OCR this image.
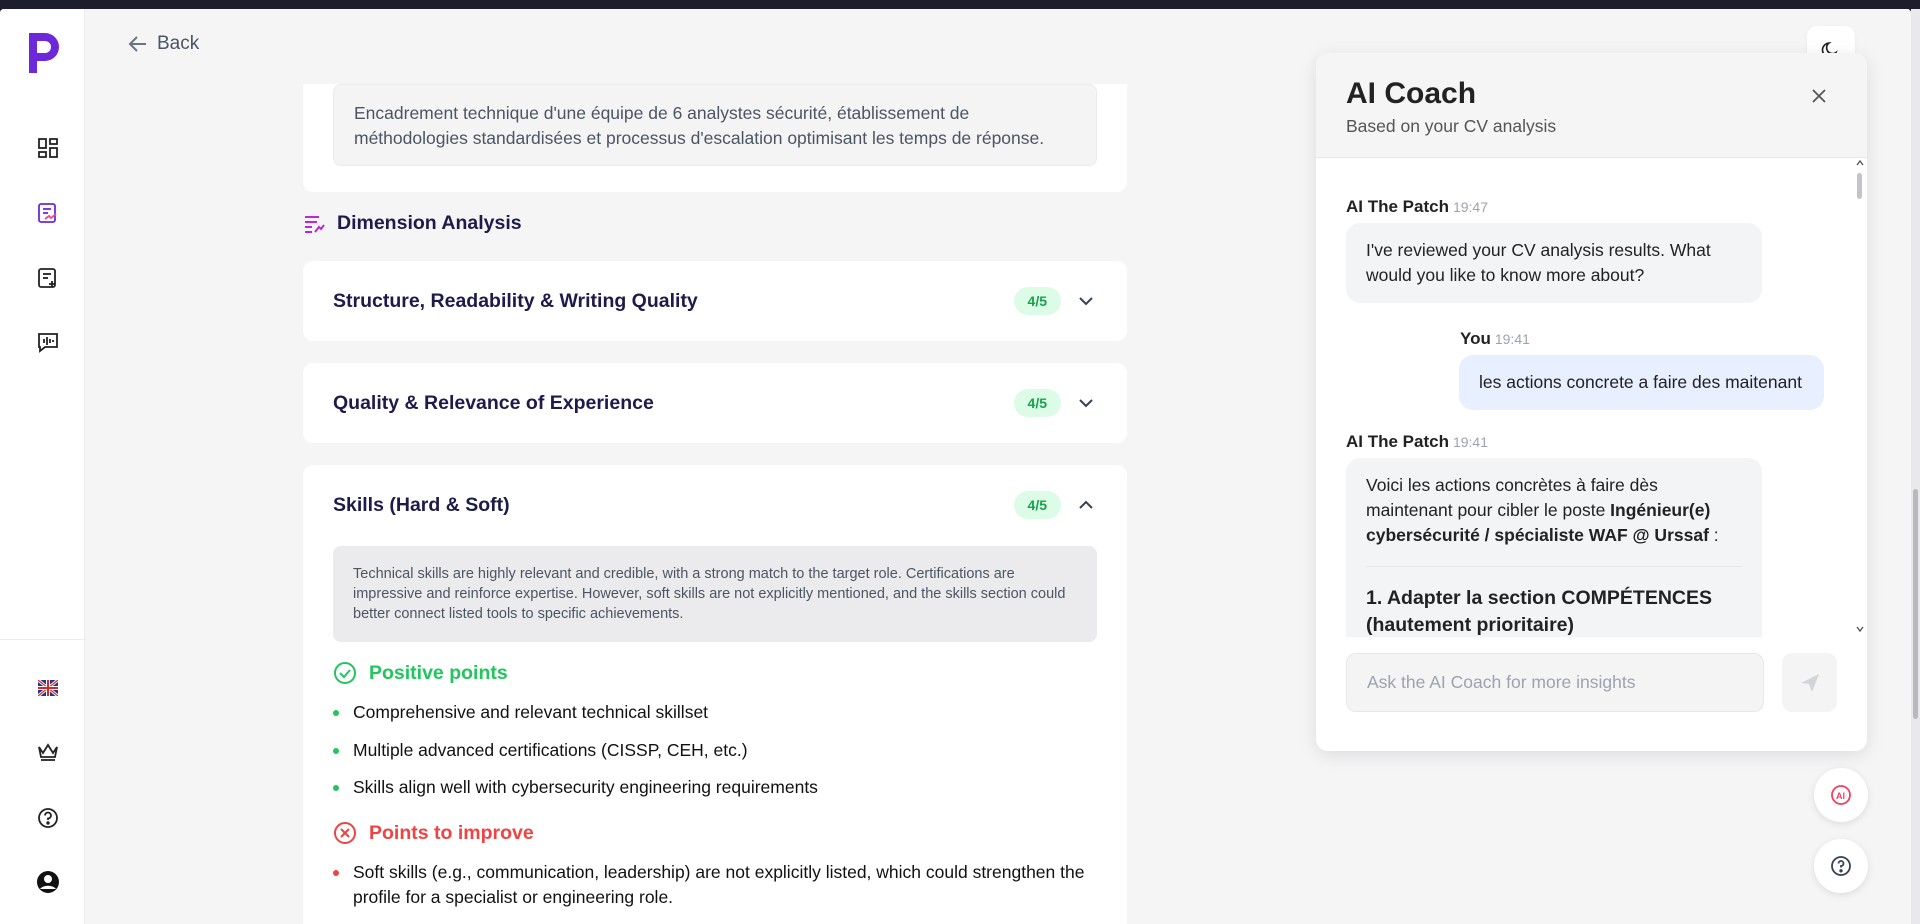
Back
Encadrement technique d'une équipe de 6 analystes sécurité, établissement de méthodologies standardisées et processus d'escalation optimisant les temps de réponse.
Dimension Analysis
Structure, Readability & Writing Quality	4/5
Quality & Relevance of Experience	4/5
Skills (Hard & Soft)	4/5
Technical skills are highly relevant and credible, with a strong match to the target role. Certifications are impressive and reinforce expertise. However, soft skills are not explicitly mentioned, and the skills section could better connect listed tools to specific achievements.
Positive points
Comprehensive and relevant technical skillset
Multiple advanced certifications (CISSP, CEH, etc.)
Skills align well with cybersecurity engineering requirements
Points to improve
Soft skills (e.g., communication, leadership) are not explicitly listed, which could strengthen the profile for a specialist or engineering role.
AI Coach
Based on your CV analysis
AI The Patch 19:47
I've reviewed your CV analysis results. What would you like to know more about?
You 19:41
les actions concrete a faire des maitenant
AI The Patch 19:41
Voici les actions concrètes à faire dès maintenant pour cibler le poste Ingénieur(e) cybersécurité / spécialiste WAF @ Urssaf :
1. Adapter la section COMPÉTENCES (hautement prioritaire)
Ask the AI Coach for more insights
AI
